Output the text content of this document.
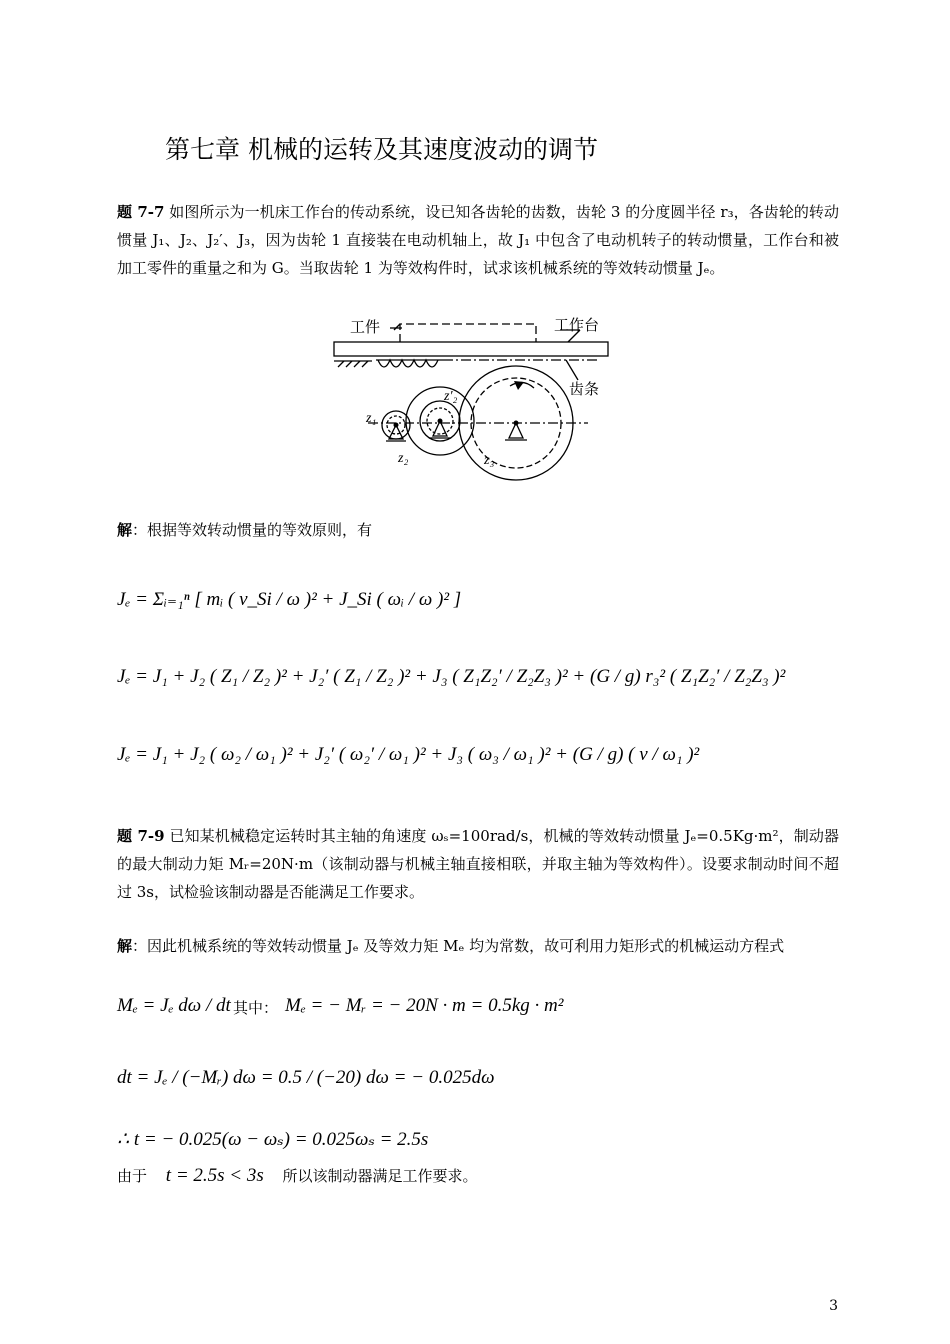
第七章 机械的运转及其速度波动的调节
题 7-7 如图所示为一机床工作台的传动系统，设已知各齿轮的齿数，齿轮 3 的分度圆半径 r₃，各齿轮的转动惯量 J₁、J₂、J₂′、J₃，因为齿轮 1 直接装在电动机轴上，故 J₁ 中包含了电动机转子的转动惯量，工作台和被加工零件的重量之和为 G。当取齿轮 1 为等效构件时，试求该机械系统的等效转动惯量 Jₑ。
工件	工作台
齿条
z₁
z₂
z′₂
z₃
解：根据等效转动惯量的等效原则，有
Jₑ = Σᵢ₌₁ⁿ [ mᵢ ( v_Si / ω )² + J_Si ( ωᵢ / ω )² ]
Jₑ = J₁ + J₂ ( Z₁ / Z₂ )² + J₂′ ( Z₁ / Z₂ )² + J₃ ( Z₁Z₂′ / Z₂Z₃ )² + (G / g) r₃² ( Z₁Z₂′ / Z₂Z₃ )²
Jₑ = J₁ + J₂ ( ω₂ / ω₁ )² + J₂′ ( ω₂′ / ω₁ )² + J₃ ( ω₃ / ω₁ )² + (G / g) ( v / ω₁ )²
题 7-9 已知某机械稳定运转时其主轴的角速度 ωₛ=100rad/s，机械的等效转动惯量 Jₑ=0.5Kg·m²，制动器的最大制动力矩 Mᵣ=20N·m（该制动器与机械主轴直接相联，并取主轴为等效构件）。设要求制动时间不超过 3s，试检验该制动器是否能满足工作要求。
解：因此机械系统的等效转动惯量 Jₑ 及等效力矩 Mₑ 均为常数，故可利用力矩形式的机械运动方程式
Mₑ = Jₑ dω / dt 其中： Mₑ = − Mᵣ = − 20N · m = 0.5kg · m²
dt = Jₑ / (−Mᵣ) dω = 0.5 / (−20) dω = − 0.025dω
∴ t = − 0.025(ω − ωₛ) = 0.025ωₛ = 2.5s
由于 t = 2.5s < 3s 所以该制动器满足工作要求。
3
